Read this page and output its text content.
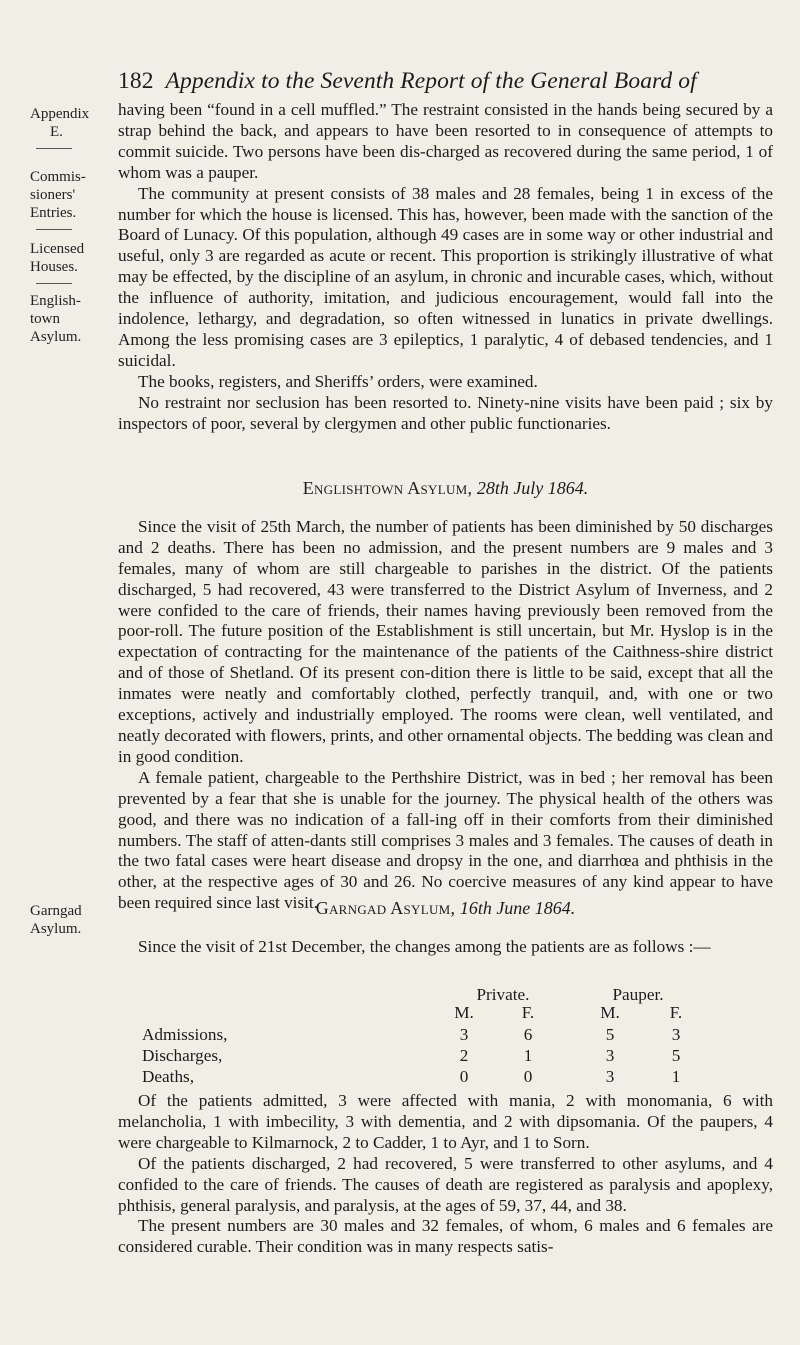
182 Appendix to the Seventh Report of the General Board of
Appendix
E.
Commis-
sioners'
Entries.
Licensed
Houses.
English-
town
Asylum.
Garngad
Asylum.

having been “found in a cell muffled.” The restraint consisted in the hands being secured by a strap behind the back, and appears to have been resorted to in consequence of attempts to commit suicide. Two persons have been dis-charged as recovered during the same period, 1 of whom was a pauper.

The community at present consists of 38 males and 28 females, being 1 in excess of the number for which the house is licensed. This has, however, been made with the sanction of the Board of Lunacy. Of this population, although 49 cases are in some way or other industrial and useful, only 3 are regarded as acute or recent. This proportion is strikingly illustrative of what may be effected, by the discipline of an asylum, in chronic and incurable cases, which, without the influence of authority, imitation, and judicious encouragement, would fall into the indolence, lethargy, and degradation, so often witnessed in lunatics in private dwellings. Among the less promising cases are 3 epileptics, 1 paralytic, 4 of debased tendencies, and 1 suicidal.

The books, registers, and Sheriffs’ orders, were examined.

No restraint nor seclusion has been resorted to. Ninety-nine visits have been paid ; six by inspectors of poor, several by clergymen and other public functionaries.

Englishtown Asylum, 28th July 1864.

Since the visit of 25th March, the number of patients has been diminished by 50 discharges and 2 deaths. There has been no admission, and the present numbers are 9 males and 3 females, many of whom are still chargeable to parishes in the district. Of the patients discharged, 5 had recovered, 43 were transferred to the District Asylum of Inverness, and 2 were confided to the care of friends, their names having previously been removed from the poor-roll. The future position of the Establishment is still uncertain, but Mr. Hyslop is in the expectation of contracting for the maintenance of the patients of the Caithness-shire district and of those of Shetland. Of its present con-dition there is little to be said, except that all the inmates were neatly and comfortably clothed, perfectly tranquil, and, with one or two exceptions, actively and industrially employed. The rooms were clean, well ventilated, and neatly decorated with flowers, prints, and other ornamental objects. The bedding was clean and in good condition.

A female patient, chargeable to the Perthshire District, was in bed ; her removal has been prevented by a fear that she is unable for the journey. The physical health of the others was good, and there was no indication of a fall-ing off in their comforts from their diminished numbers. The staff of atten-dants still comprises 3 males and 3 females. The causes of death in the two fatal cases were heart disease and dropsy in the one, and diarrhœa and phthisis in the other, at the respective ages of 30 and 26. No coercive measures of any kind appear to have been required since last visit.

Garngad Asylum, 16th June 1864.

Since the visit of 21st December, the changes among the patients are as follows :—

Private.	Pauper.
M.	F.	M.	F.
Admissions,	3	6	5	3
Discharges,	2	1	3	5
Deaths,	0	0	3	1

Of the patients admitted, 3 were affected with mania, 2 with monomania, 6 with melancholia, 1 with imbecility, 3 with dementia, and 2 with dipsomania. Of the paupers, 4 were chargeable to Kilmarnock, 2 to Cadder, 1 to Ayr, and 1 to Sorn.

Of the patients discharged, 2 had recovered, 5 were transferred to other asylums, and 4 confided to the care of friends. The causes of death are registered as paralysis and apoplexy, phthisis, general paralysis, and paralysis, at the ages of 59, 37, 44, and 38.

The present numbers are 30 males and 32 females, of whom, 6 males and 6 females are considered curable. Their condition was in many respects satis-
